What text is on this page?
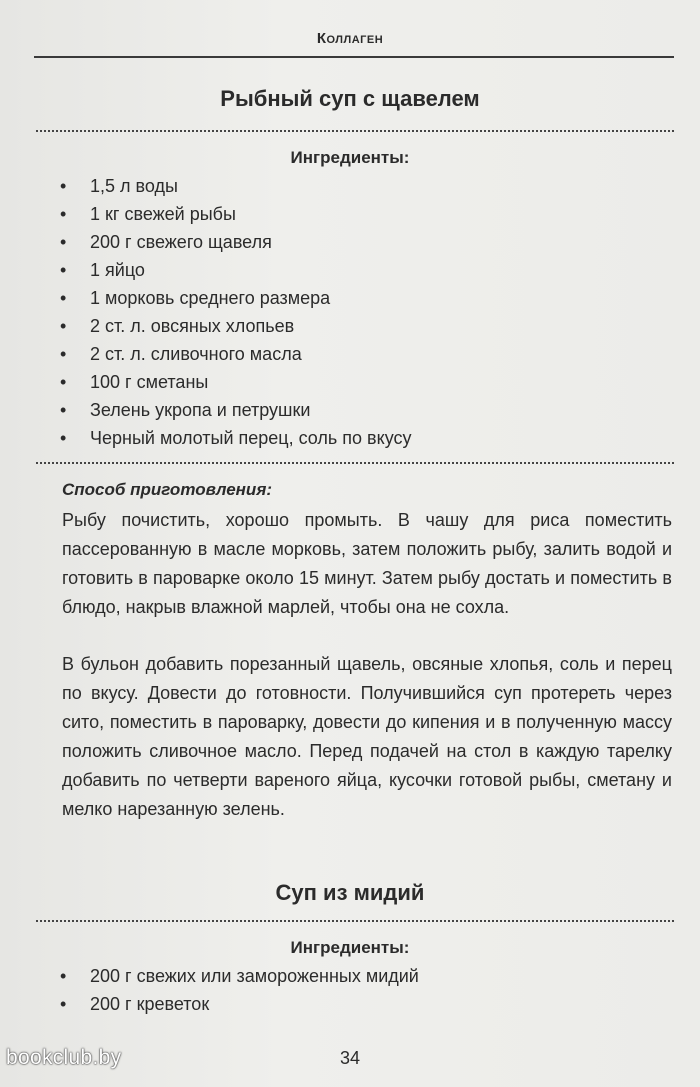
Коллаген
Рыбный суп с щавелем
Ингредиенты:
• 1,5 л воды
• 1 кг свежей рыбы
• 200 г свежего щавеля
• 1 яйцо
• 1 морковь среднего размера
• 2 ст. л. овсяных хлопьев
• 2 ст. л. сливочного масла
• 100 г сметаны
• Зелень укропа и петрушки
• Черный молотый перец, соль по вкусу
Способ приготовления:

Рыбу почистить, хорошо промыть. В чашу для риса поместить пассерованную в масле морковь, затем положить рыбу, залить водой и готовить в пароварке около 15 минут. Затем рыбу достать и поместить в блюдо, накрыв влажной марлей, чтобы она не сохла.

В бульон добавить порезанный щавель, овсяные хлопья, соль и перец по вкусу. Довести до готовности. Получившийся суп протереть через сито, поместить в пароварку, довести до кипения и в полученную массу положить сливочное масло. Перед подачей на стол в каждую тарелку добавить по четверти вареного яйца, кусочки готовой рыбы, сметану и мелко нарезанную зелень.

Суп из мидий
Ингредиенты:
• 200 г свежих или замороженных мидий
• 200 г креветок
34
bookclub.by
